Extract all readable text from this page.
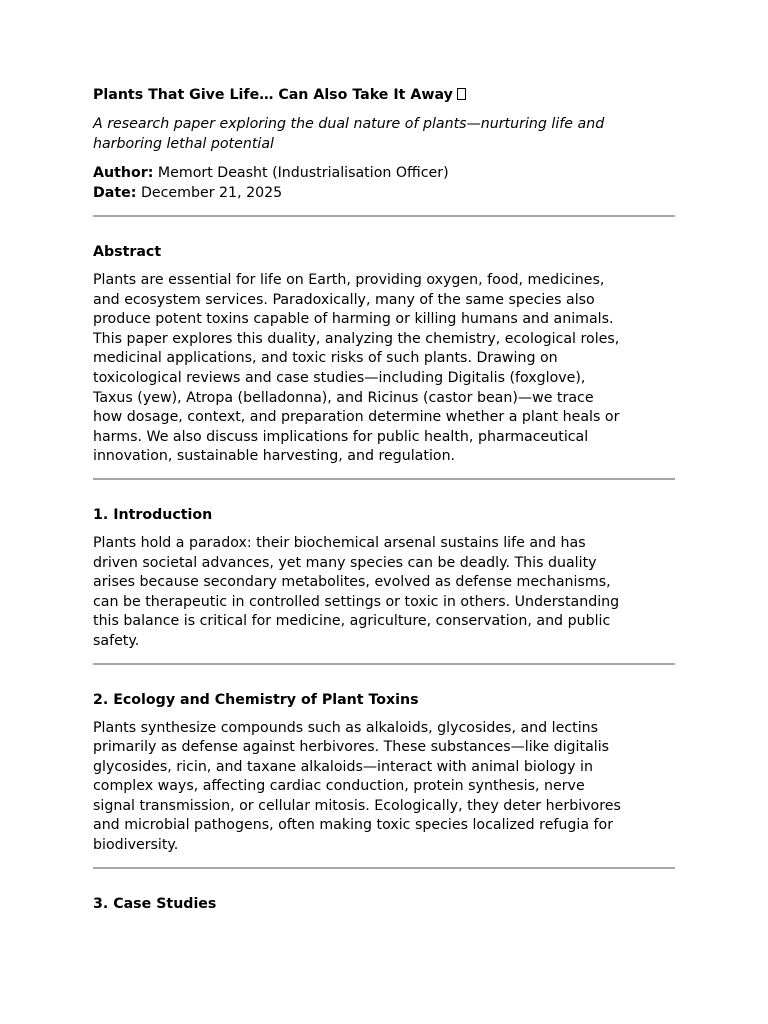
Plants That Give Life… Can Also Take It Away

A research paper exploring the dual nature of plants—nurturing life and
harboring lethal potential

Author: Memort Deasht (Industrialisation Officer)
Date: December 21, 2025
Abstract

Plants are essential for life on Earth, providing oxygen, food, medicines,
and ecosystem services. Paradoxically, many of the same species also
produce potent toxins capable of harming or killing humans and animals.
This paper explores this duality, analyzing the chemistry, ecological roles,
medicinal applications, and toxic risks of such plants. Drawing on
toxicological reviews and case studies—including Digitalis (foxglove),
Taxus (yew), Atropa (belladonna), and Ricinus (castor bean)—we trace
how dosage, context, and preparation determine whether a plant heals or
harms. We also discuss implications for public health, pharmaceutical
innovation, sustainable harvesting, and regulation.

1. Introduction

Plants hold a paradox: their biochemical arsenal sustains life and has
driven societal advances, yet many species can be deadly. This duality
arises because secondary metabolites, evolved as defense mechanisms,
can be therapeutic in controlled settings or toxic in others. Understanding
this balance is critical for medicine, agriculture, conservation, and public
safety.

2. Ecology and Chemistry of Plant Toxins

Plants synthesize compounds such as alkaloids, glycosides, and lectins
primarily as defense against herbivores. These substances—like digitalis
glycosides, ricin, and taxane alkaloids—interact with animal biology in
complex ways, affecting cardiac conduction, protein synthesis, nerve
signal transmission, or cellular mitosis. Ecologically, they deter herbivores
and microbial pathogens, often making toxic species localized refugia for
biodiversity.

3. Case Studies
